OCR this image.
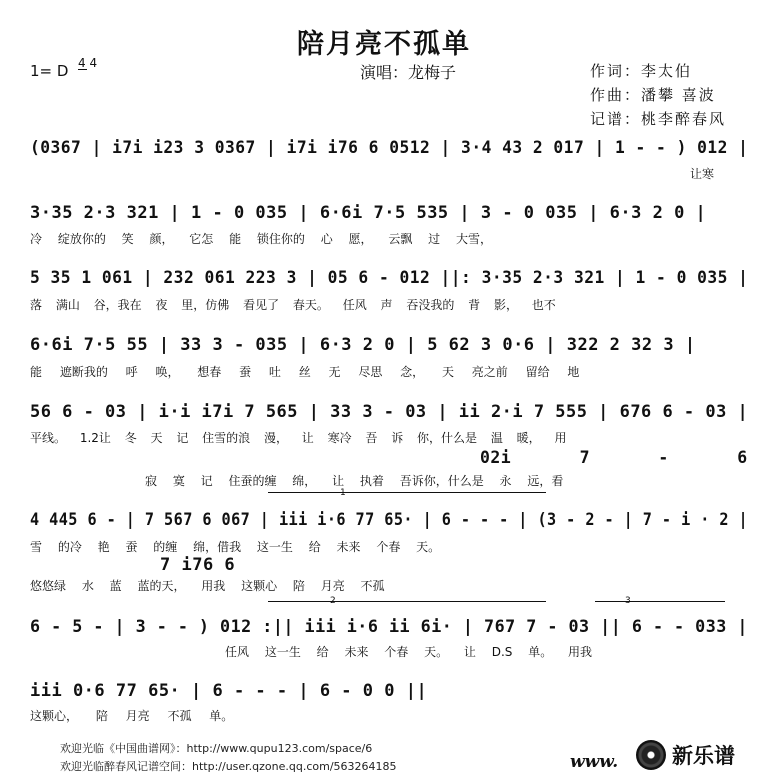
陪月亮不孤单
1= D 4 4	演唱：龙梅子	作词：李太伯
作曲：潘攀 喜波
记谱：桃李醉春风
(0367 | i7i i23 3 0367 | i7i i76 6 0512 | 3·4 43 2 017 | 1 - - ) 012 |
让寒
3·35 2·3 321 | 1 - 0 035 | 6·6i 7·5 535 | 3 - 0 035 | 6·3 2 0 |
冷 绽放你的 笑 颜， 它怎 能 锁住你的 心 愿， 云飘 过 大雪，
5 35 1 061 | 232 061 223 3 | 05 6 - 012 ||: 3·35 2·3 321 | 1 - 0 035 |
落 满山 谷，我在 夜 里，仿佛 看见了 春天。 任风 声 吞没我的 背 影， 也不
6·6i 7·5 55 | 33 3 - 035 | 6·3 2 0 | 5 62 3 0·6 | 322 2 32 3 |
能 遮断我的 呼 唤， 想春 蚕 吐 丝 无 尽思 念， 天 亮之前 留给 地
56 6 - 03 | i·i i7i 7 565 | 33 3 - 03 | ii 2·i 7 555 | 676 6 - 03 |
平线。 1.2让 冬 天 记 住雪的浪 漫， 让 寒冷 吾 诉 你，什么是 温 暖， 用
02i 7 - 6
寂 寞 记 住蚕的缠 绵， 让 执着 吾诉你，什么是 永 远，看
1
4 445 6 - | 7 567 6 067 | iii i·6 77 65· | 6 - - - | (3 - 2 - | 7 - i · 2 |
雪 的冷 艳 蚕 的缠 绵，借我 这一生 给 未来 个春 天。
7 i76 6
悠悠绿 水 蓝 蓝的天， 用我 这颗心 陪 月亮 不孤
2	3
6 - 5 - | 3 - - ) 012 :|| iii i·6 ii 6i· | 767 7 - 03 || 6 - - 033 |
任风 这一生 给 未来 个春 天。 让 D.S 单。 用我
iii 0·6 77 65· | 6 - - - | 6 - 0 0 ||
这颗心， 陪 月亮 不孤 单。
欢迎光临《中国曲谱网》：http://www.qupu123.com/space/6
欢迎光临醉春风记谱空间：http://user.qzone.qq.com/563264185	www.	新乐谱
